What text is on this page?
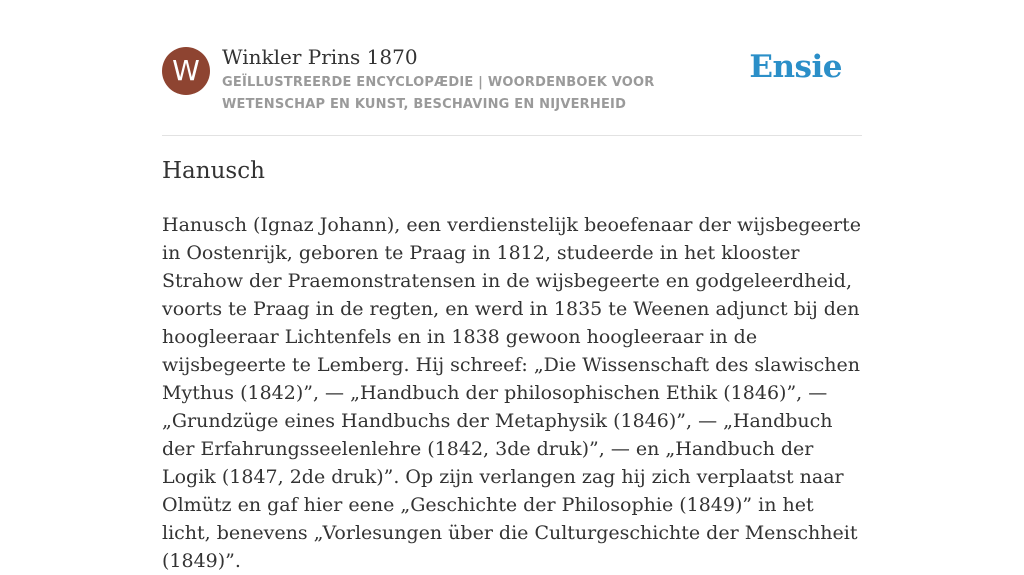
W	Winkler Prins 1870
GEÏLLUSTREERDE ENCYCLOPÆDIE | WOORDENBOEK VOOR WETENSCHAP EN KUNST, BESCHAVING EN NIJVERHEID
Ensie
Hanusch

Hanusch (Ignaz Johann), een verdienstelijk beoefenaar der wijsbegeerte in Oostenrijk, geboren te Praag in 1812, studeerde in het klooster Strahow der Praemonstratensen in de wijsbegeerte en godgeleerdheid, voorts te Praag in de regten, en werd in 1835 te Weenen adjunct bij den hoogleeraar Lichtenfels en in 1838 gewoon hoogleeraar in de wijsbegeerte te Lemberg. Hij schreef: „Die Wissenschaft des slawischen Mythus (1842)”, — „Handbuch der philosophischen Ethik (1846)”, — „Grundzüge eines Handbuchs der Metaphysik (1846)”, — „Handbuch der Erfahrungsseelenlehre (1842, 3de druk)”, — en „Handbuch der Logik (1847, 2de druk)”. Op zijn verlangen zag hij zich verplaatst naar Olmütz en gaf hier eene „Geschichte der Philosophie (1849)” in het licht, benevens „Vorlesungen über die Culturgeschichte der Menschheit (1849)”.
